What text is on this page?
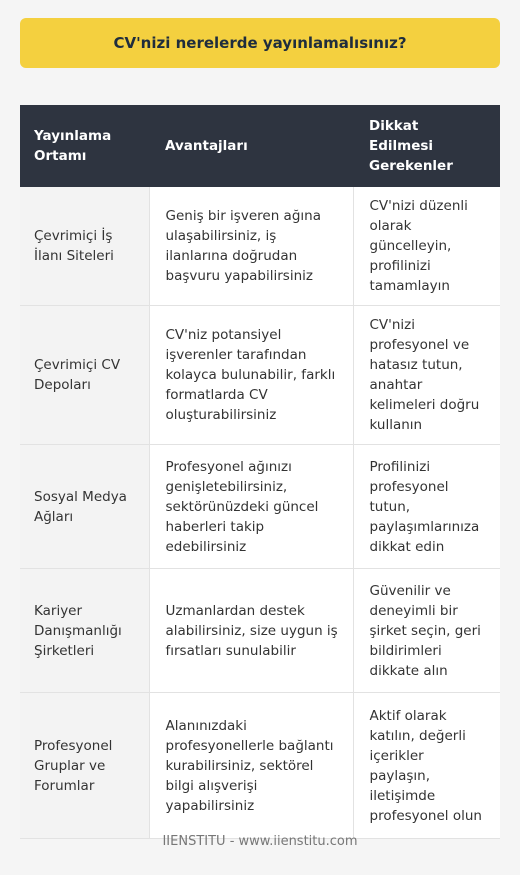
CV'nizi nerelerde yayınlamalısınız?
Yayınlama Ortamı	Avantajları	Dikkat Edilmesi Gerekenler
Çevrimiçi İş İlanı Siteleri	Geniş bir işveren ağına ulaşabilirsiniz, iş ilanlarına doğrudan başvuru yapabilirsiniz	CV'nizi düzenli olarak güncelleyin, profilinizi tamamlayın
Çevrimiçi CV Depoları	CV'niz potansiyel işverenler tarafından kolayca bulunabilir, farklı formatlarda CV oluşturabilirsiniz	CV'nizi profesyonel ve hatasız tutun, anahtar kelimeleri doğru kullanın
Sosyal Medya Ağları	Profesyonel ağınızı genişletebilirsiniz, sektörünüzdeki güncel haberleri takip edebilirsiniz	Profilinizi profesyonel tutun, paylaşımlarınıza dikkat edin
Kariyer Danışmanlığı Şirketleri	Uzmanlardan destek alabilirsiniz, size uygun iş fırsatları sunulabilir	Güvenilir ve deneyimli bir şirket seçin, geri bildirimleri dikkate alın
Profesyonel Gruplar ve Forumlar	Alanınızdaki profesyonellerle bağlantı kurabilirsiniz, sektörel bilgi alışverişi yapabilirsiniz	Aktif olarak katılın, değerli içerikler paylaşın, iletişimde profesyonel olun
IIENSTITU - www.iienstitu.com
